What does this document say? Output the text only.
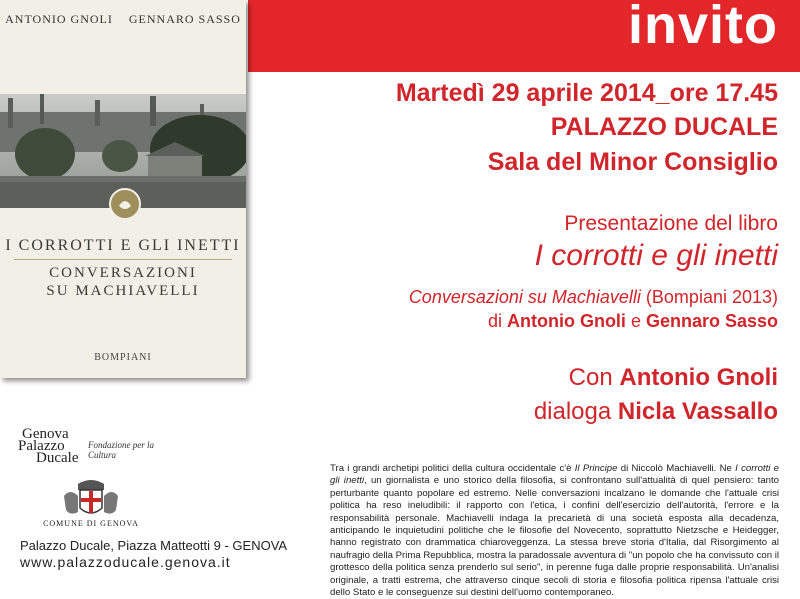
invito
ANTONIO GNOLI    GENNARO SASSO
I CORROTTI E GLI INETTI
CONVERSAZIONI
SU MACHIAVELLI
BOMPIANI
Martedì 29 aprile 2014_ore 17.45
PALAZZO DUCALE
Sala del Minor Consiglio
Presentazione del libro
I corrotti e gli inetti
Conversazioni su Machiavelli (Bompiani 2013)
di Antonio Gnoli e Gennaro Sasso
Con Antonio Gnoli
dialoga Nicla Vassallo
Genova
Palazzo
Ducale
Fondazione per la Cultura
COMUNE DI GENOVA
Palazzo Ducale, Piazza Matteotti 9 - GENOVA
www.palazzoducale.genova.it
Tra i grandi archetipi politici della cultura occidentale c'è Il Principe di Niccolò Machiavelli. Ne I corrotti e gli inetti, un giornalista e uno storico della filosofia, si confrontano sull'attualità di quel pensiero: tanto perturbante quanto popolare ed estremo. Nelle conversazioni incalzano le domande che l'attuale crisi politica ha reso ineludibili: il rapporto con l'etica, i confini dell'esercizio dell'autorità, l'errore e la responsabilità personale. Machiavelli indaga la precarietà di una società esposta alla decadenza, anticipando le inquietudini politiche che le filosofie del Novecento, soprattutto Nietzsche e Heidegger, hanno registrato con drammatica chiaroveggenza. La stessa breve storia d'Italia, dal Risorgimento al naufragio della Prima Repubblica, mostra la paradossale avventura di "un popolo che ha convissuto con il grottesco della politica senza prenderlo sul serio", in perenne fuga dalle proprie responsabilità. Un'analisi originale, a tratti estrema, che attraverso cinque secoli di storia e filosofia politica ripensa l'attuale crisi dello Stato e le conseguenze sui destini dell'uomo contemporaneo.
